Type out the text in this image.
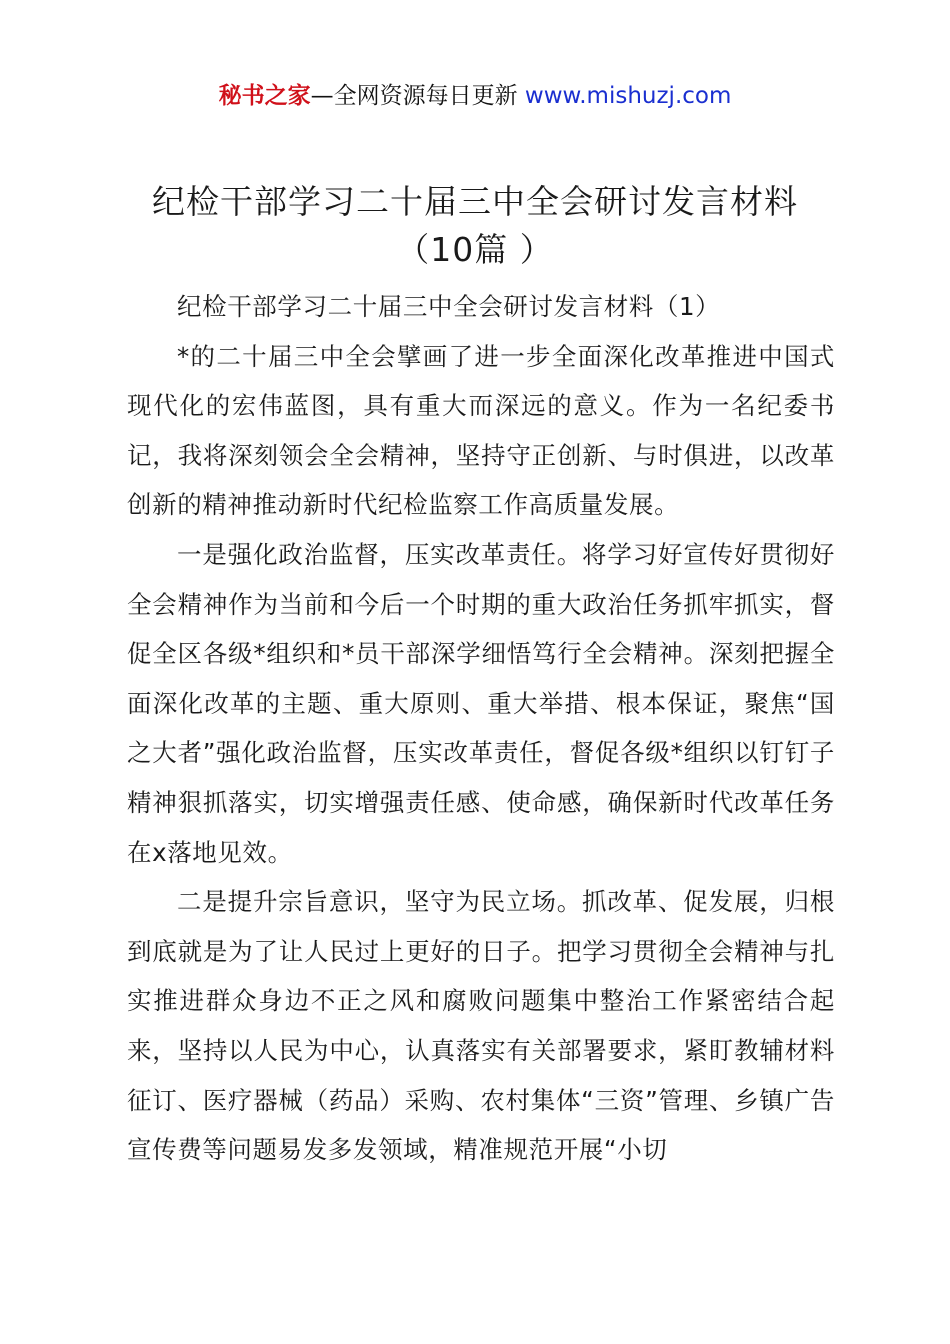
秘书之家—全网资源每日更新 www.mishuzj.com
纪检干部学习二十届三中全会研讨发言材料
（10篇 ）

纪检干部学习二十届三中全会研讨发言材料（1）

*的二十届三中全会擘画了进一步全面深化改革推进中国式现代化的宏伟蓝图，具有重大而深远的意义。作为一名纪委书记，我将深刻领会全会精神，坚持守正创新、与时俱进，以改革创新的精神推动新时代纪检监察工作高质量发展。

一是强化政治监督，压实改革责任。将学习好宣传好贯彻好全会精神作为当前和今后一个时期的重大政治任务抓牢抓实，督促全区各级*组织和*员干部深学细悟笃行全会精神。深刻把握全面深化改革的主题、重大原则、重大举措、根本保证，聚焦“国之大者”强化政治监督，压实改革责任，督促各级*组织以钉钉子精神狠抓落实，切实增强责任感、使命感，确保新时代改革任务在x落地见效。

二是提升宗旨意识，坚守为民立场。抓改革、促发展，归根到底就是为了让人民过上更好的日子。把学习贯彻全会精神与扎实推进群众身边不正之风和腐败问题集中整治工作紧密结合起来，坚持以人民为中心，认真落实有关部署要求，紧盯教辅材料征订、医疗器械（药品）采购、农村集体“三资”管理、乡镇广告宣传费等问题易发多发领域，精准规范开展“小切
